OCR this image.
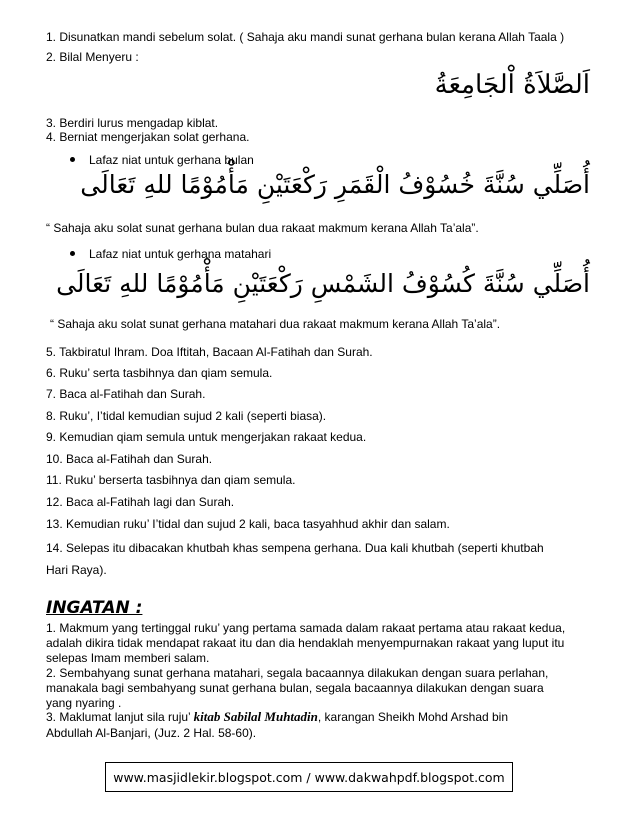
1. Disunatkan mandi sebelum solat. ( Sahaja aku mandi sunat gerhana bulan kerana Allah Taala )
2. Bilal Menyeru :
اَلصَّلاَةُ اْلجَامِعَةُ
3. Berdiri lurus mengadap kiblat.
4. Berniat mengerjakan solat gerhana.
Lafaz niat untuk gerhana bulan
أُصَلِّي سُنَّةَ خُسُوْفُ الْقَمَرِ رَكْعَتَيْنِ مَأْمُوْمًا للهِ تَعَالَى
“ Sahaja aku solat sunat gerhana bulan dua rakaat makmum kerana Allah Ta’ala”.
Lafaz niat untuk gerhana matahari
أُصَلِّي سُنَّةَ كُسُوْفُ الشَمْسِ رَكْعَتَيْنِ مَأْمُوْمًا للهِ تَعَالَى
“ Sahaja aku solat sunat gerhana matahari dua rakaat makmum kerana Allah Ta’ala”.
5. Takbiratul Ihram. Doa Iftitah, Bacaan Al-Fatihah dan Surah.
6. Ruku’ serta tasbihnya dan qiam semula.
7. Baca al-Fatihah dan Surah.
8. Ruku’, I’tidal kemudian sujud 2 kali (seperti biasa).
9. Kemudian qiam semula untuk mengerjakan rakaat kedua.
10. Baca al-Fatihah dan Surah.
11. Ruku’ berserta tasbihnya dan qiam semula.
12. Baca al-Fatihah lagi dan Surah.
13. Kemudian ruku’ I’tidal dan sujud 2 kali, baca tasyahhud akhir dan salam.
14. Selepas itu dibacakan khutbah khas sempena gerhana. Dua kali khutbah (seperti khutbah
Hari Raya).
INGATAN :
1. Makmum yang tertinggal ruku’ yang pertama samada dalam rakaat pertama atau rakaat kedua,
adalah dikira tidak mendapat rakaat itu dan dia hendaklah menyempurnakan rakaat yang luput itu
selepas Imam memberi salam.
2. Sembahyang sunat gerhana matahari, segala bacaannya dilakukan dengan suara perlahan,
manakala bagi sembahyang sunat gerhana bulan, segala bacaannya dilakukan dengan suara
yang nyaring .
3. Maklumat lanjut sila ruju’ kitab Sabilal Muhtadin, karangan Sheikh Mohd Arshad bin
Abdullah Al-Banjari, (Juz. 2 Hal. 58-60).
www.masjidlekir.blogspot.com / www.dakwahpdf.blogspot.com
